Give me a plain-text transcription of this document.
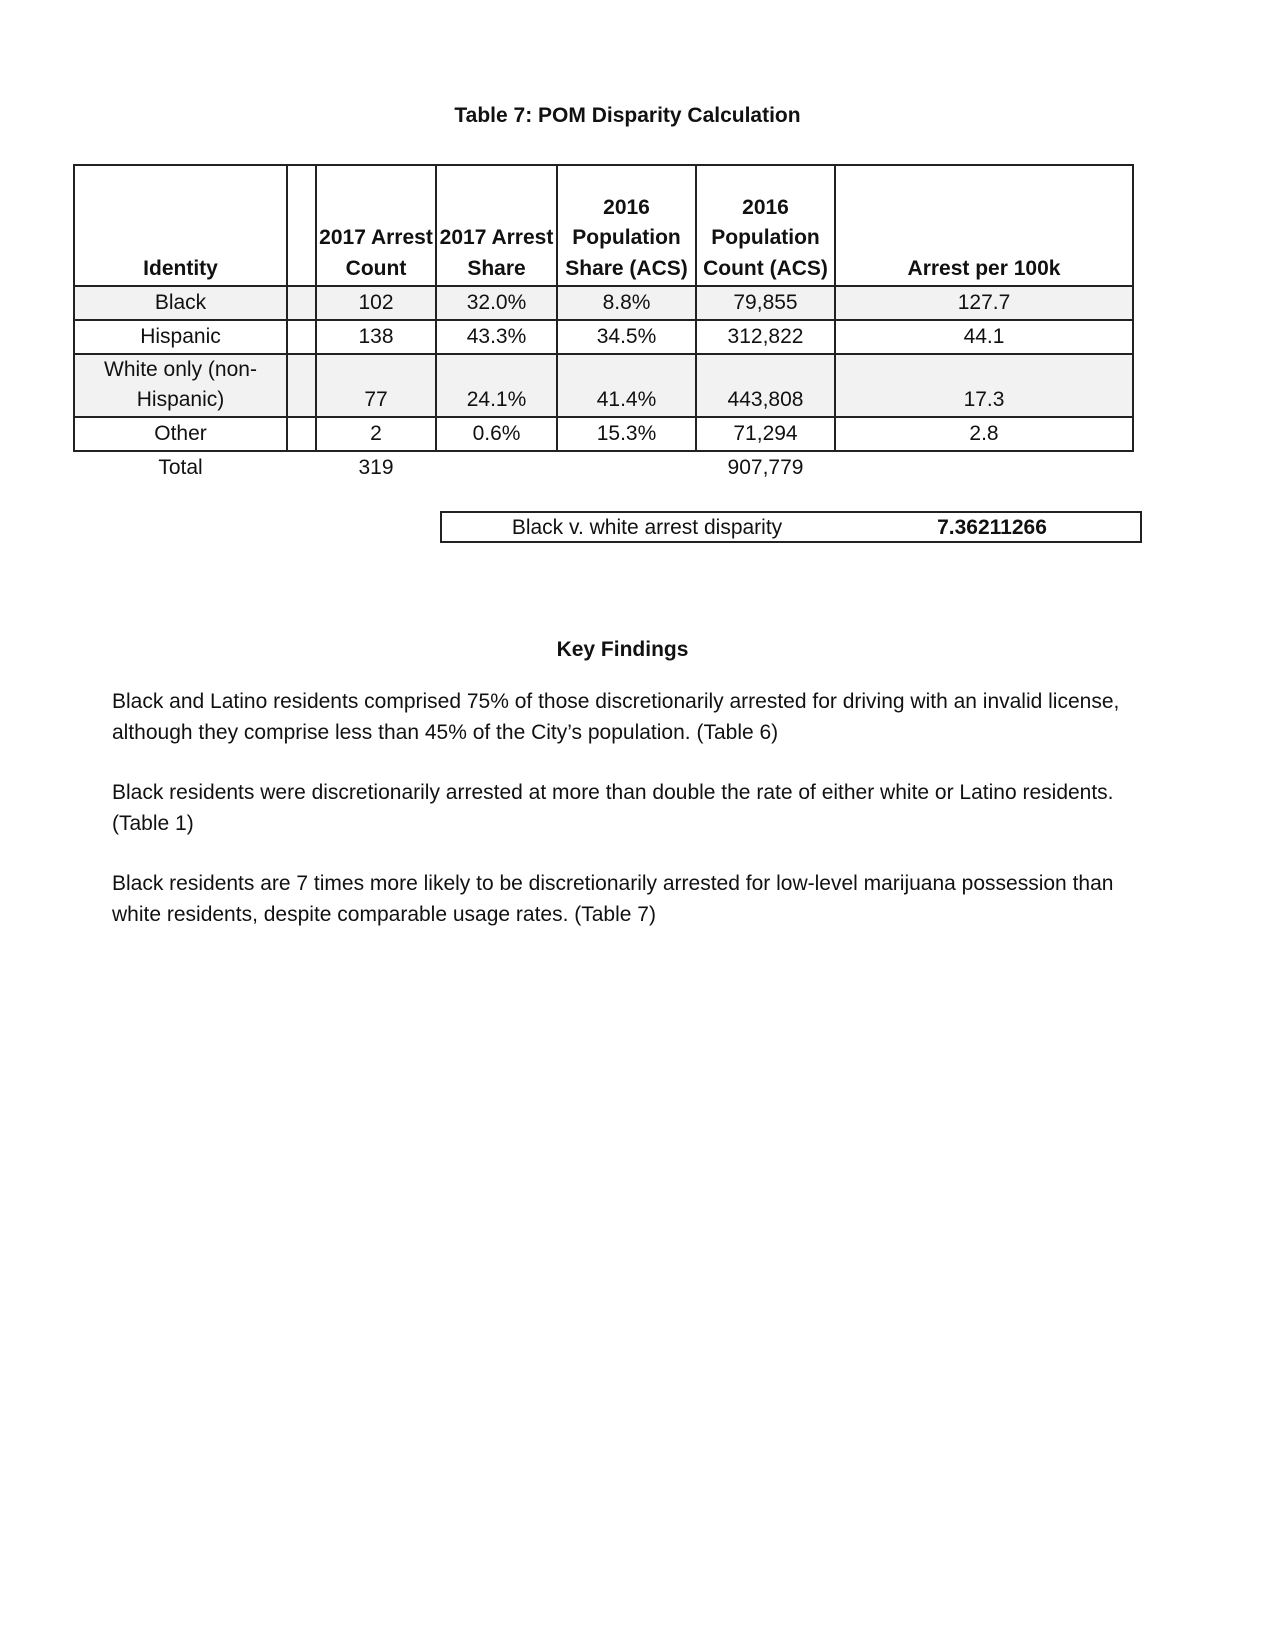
Table 7: POM Disparity Calculation
Identity		2017 Arrest Count	2017 Arrest Share	2016 Population Share (ACS)	2016 Population Count (ACS)	Arrest per 100k
Black		102	32.0%	8.8%	79,855	127.7
Hispanic		138	43.3%	34.5%	312,822	44.1
White only (non-Hispanic)		77	24.1%	41.4%	443,808	17.3
Other		2	0.6%	15.3%	71,294	2.8
Total		319			907,779	
Black v. white arrest disparity	7.36211266
Key Findings

Black and Latino residents comprised 75% of those discretionarily arrested for driving with an invalid license, although they comprise less than 45% of the City’s population. (Table 6)

Black residents were discretionarily arrested at more than double the rate of either white or Latino residents. (Table 1)

Black residents are 7 times more likely to be discretionarily arrested for low-level marijuana possession than white residents, despite comparable usage rates. (Table 7)
